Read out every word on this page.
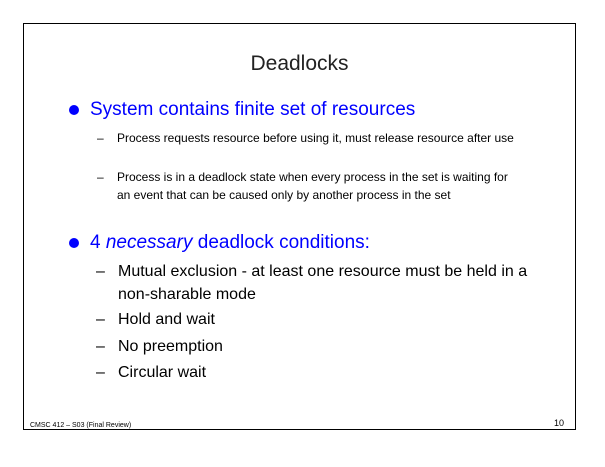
Deadlocks
System contains finite set of resources
– Process requests resource before using it, must release resource after use
– Process is in a deadlock state when every process in the set is waiting for an event that can be caused only by another process in the set
4 necessary deadlock conditions:
– Mutual exclusion - at least one resource must be held in a non-sharable mode
– Hold and wait
– No preemption
– Circular wait
CMSC 412 – S03 (Final Review)	10
